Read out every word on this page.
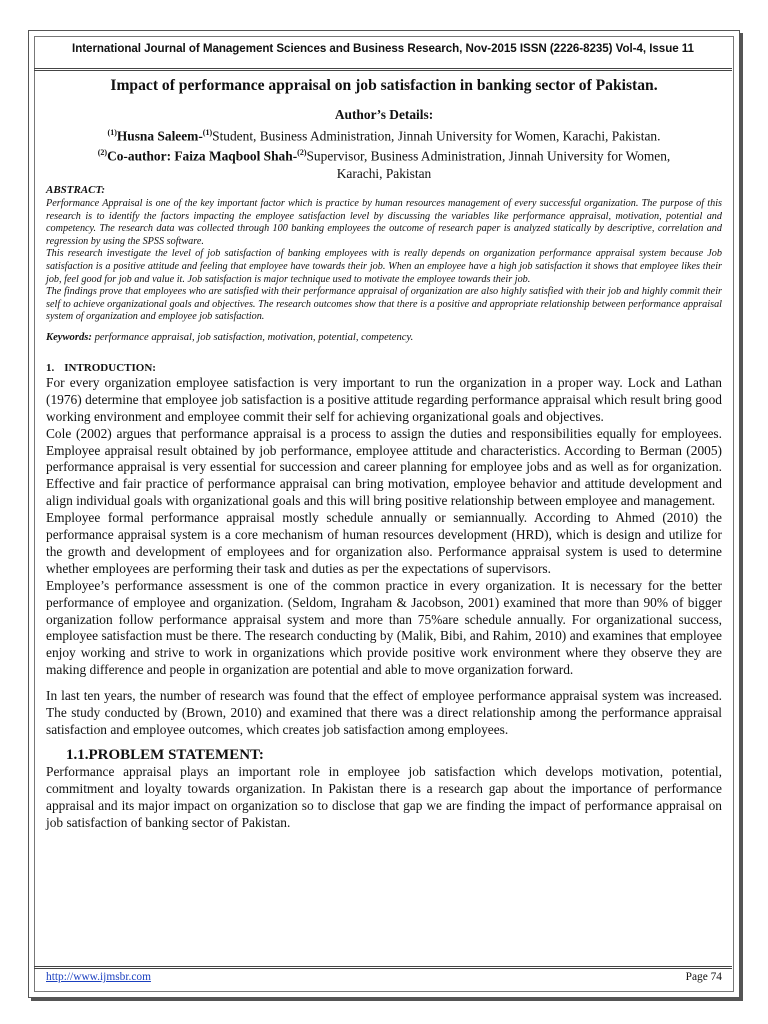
International Journal of Management Sciences and Business Research, Nov-2015 ISSN (2226-8235) Vol-4, Issue 11
Impact of performance appraisal on job satisfaction in banking sector of Pakistan.
Author’s Details:
$^{(1)}$Husna Saleem-$^{(1)}$Student, Business Administration, Jinnah University for Women, Karachi, Pakistan.
$^{(2)}$Co-author: Faiza Maqbool Shah-$^{(2)}$Supervisor, Business Administration, Jinnah University for Women,
Karachi, Pakistan
ABSTRACT:

Performance Appraisal is one of the key important factor which is practice by human resources management of every successful organization. The purpose of this research is to identify the factors impacting the employee satisfaction level by discussing the variables like performance appraisal, motivation, potential and competency. The research data was collected through 100 banking employees the outcome of research paper is analyzed statically by descriptive, correlation and regression by using the SPSS software.

This research investigate the level of job satisfaction of banking employees with is really depends on organization performance appraisal system because Job satisfaction is a positive attitude and feeling that employee have towards their job. When an employee have a high job satisfaction it shows that employee likes their job, feel good for job and value it. Job satisfaction is major technique used to motivate the employee towards their job.

The findings prove that employees who are satisfied with their performance appraisal of organization are also highly satisfied with their job and highly commit their self to achieve organizational goals and objectives. The research outcomes show that there is a positive and appropriate relationship between performance appraisal system of organization and employee job satisfaction.

Keywords: performance appraisal, job satisfaction, motivation, potential, competency.
1. INTRODUCTION:

For every organization employee satisfaction is very important to run the organization in a proper way. Lock and Lathan (1976) determine that employee job satisfaction is a positive attitude regarding performance appraisal which result bring good working environment and employee commit their self for achieving organizational goals and objectives.

Cole (2002) argues that performance appraisal is a process to assign the duties and responsibilities equally for employees. Employee appraisal result obtained by job performance, employee attitude and characteristics. According to Berman (2005) performance appraisal is very essential for succession and career planning for employee jobs and as well as for organization. Effective and fair practice of performance appraisal can bring motivation, employee behavior and attitude development and align individual goals with organizational goals and this will bring positive relationship between employee and management.

Employee formal performance appraisal mostly schedule annually or semiannually. According to Ahmed (2010) the performance appraisal system is a core mechanism of human resources development (HRD), which is design and utilize for the growth and development of employees and for organization also. Performance appraisal system is used to determine whether employees are performing their task and duties as per the expectations of supervisors.

Employee’s performance assessment is one of the common practice in every organization. It is necessary for the better performance of employee and organization. (Seldom, Ingraham & Jacobson, 2001) examined that more than 90% of bigger organization follow performance appraisal system and more than 75%are schedule annually. For organizational success, employee satisfaction must be there. The research conducting by (Malik, Bibi, and Rahim, 2010) and examines that employee enjoy working and strive to work in organizations which provide positive work environment where they observe they are making difference and people in organization are potential and able to move organization forward.

In last ten years, the number of research was found that the effect of employee performance appraisal system was increased. The study conducted by (Brown, 2010) and examined that there was a direct relationship among the performance appraisal satisfaction and employee outcomes, which creates job satisfaction among employees.

1.1.PROBLEM STATEMENT:

Performance appraisal plays an important role in employee job satisfaction which develops motivation, potential, commitment and loyalty towards organization. In Pakistan there is a research gap about the importance of performance appraisal and its major impact on organization so to disclose that gap we are finding the impact of performance appraisal on job satisfaction of banking sector of Pakistan.

http://www.ijmsbr.com	Page 74
